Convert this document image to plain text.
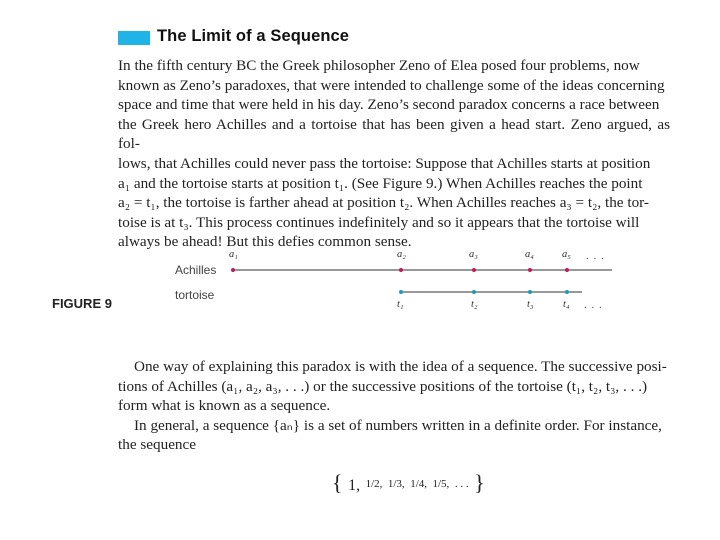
The Limit of a Sequence
In the fifth century BC the Greek philosopher Zeno of Elea posed four problems, now
known as Zeno’s paradoxes, that were intended to challenge some of the ideas concerning
space and time that were held in his day. Zeno’s second paradox concerns a race between
the Greek hero Achilles and a tortoise that has been given a head start. Zeno argued, as fol-
lows, that Achilles could never pass the tortoise: Suppose that Achilles starts at position
a₁ and the tortoise starts at position t₁. (See Figure 9.) When Achilles reaches the point
a₂ = t₁, the tortoise is farther ahead at position t₂. When Achilles reaches a₃ = t₂, the tor-
toise is at t₃. This process continues indefinitely and so it appears that the tortoise will
always be ahead! But this defies common sense.
FIGURE 9
Achilles
tortoise
a₁	a₂	a₃	a₄	a₅ . . .
t₁	t₂	t₃	t₄ . . .
One way of explaining this paradox is with the idea of a sequence. The successive posi-
tions of Achilles (a₁, a₂, a₃, . . .) or the successive positions of the tortoise (t₁, t₂, t₃, . . .)
form what is known as a sequence.
In general, a sequence {aₙ} is a set of numbers written in a definite order. For instance,
the sequence
{ 1, 1/2, 1/3, 1/4, 1/5, . . . }
